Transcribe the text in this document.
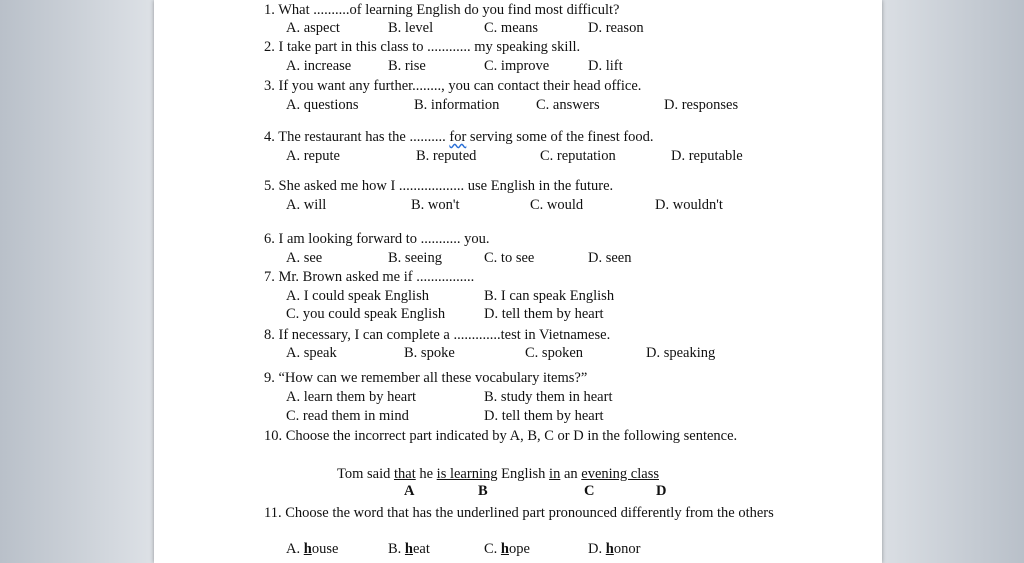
1. What ..........of learning English do you find most difficult?
A. aspect	B. level	C. means	D. reason
2. I take part in this class to ............ my speaking skill.
A. increase	B. rise	C. improve	D. lift
3. If you want any further........, you can contact their head office.
A. questions	B. information	C. answers	D. responses
4. The restaurant has the .......... for serving some of the finest food.
A. repute	B. reputed	C. reputation	D. reputable
5. She asked me how I .................. use English in the future.
A. will	B. won't	C. would	D. wouldn't
6. I am looking forward to ........... you.
A. see	B. seeing	C. to see	D. seen
7. Mr. Brown asked me if ................
A. I could speak English	B. I can speak English
C. you could speak English	D. tell them by heart
8. If necessary, I can complete a .............test in Vietnamese.
A. speak	B. spoke	C. spoken	D. speaking
9. “How can we remember all these vocabulary items?”
A. learn them by heart	B. study them in heart
C. read them in mind	D. tell them by heart
10. Choose the incorrect part indicated by A, B, C or D in the following sentence.
Tom said that he is learning English in an evening class
A	B	C	D
11. Choose the word that has the underlined part pronounced differently from the others
A. house	B. heat	C. hope	D. honor
